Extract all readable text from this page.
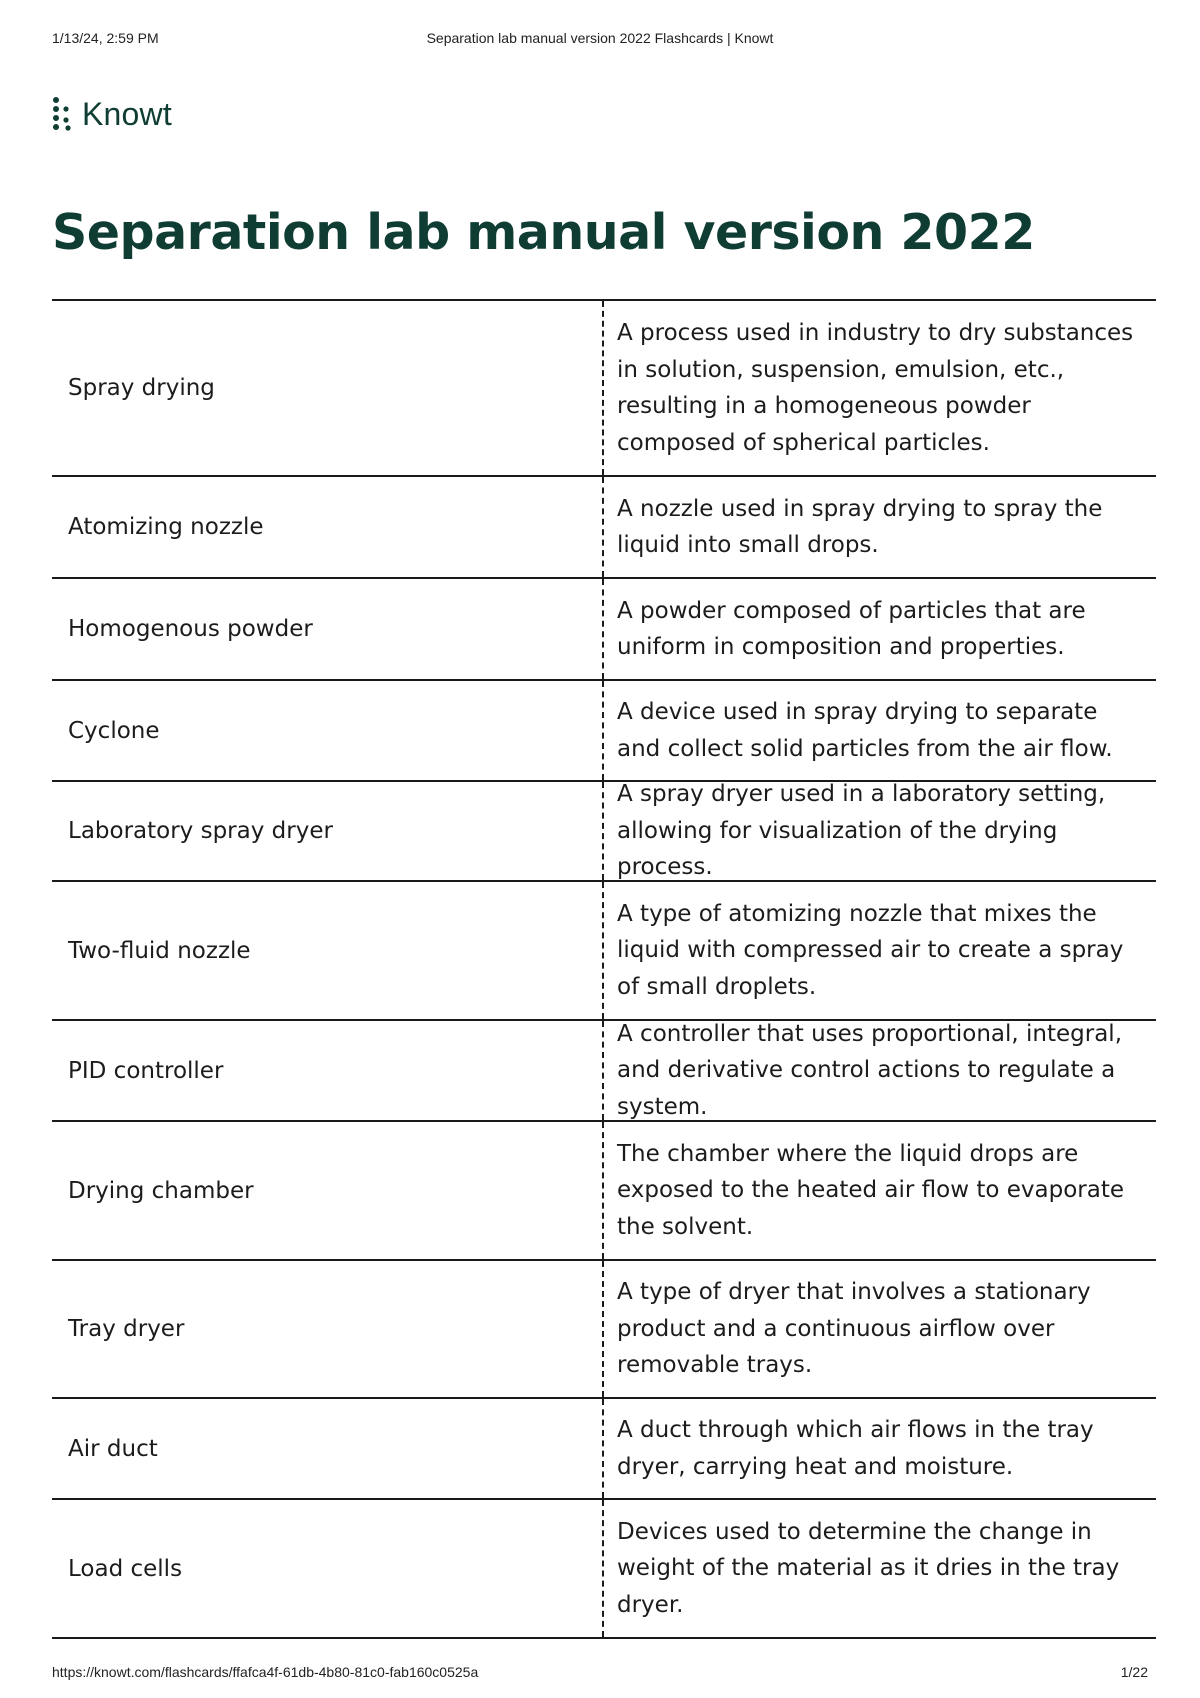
1/13/24, 2:59 PM	Separation lab manual version 2022 Flashcards | Knowt
Knowt
Separation lab manual version 2022
Spray drying
A process used in industry to dry substances in solution, suspension, emulsion, etc., resulting in a homogeneous powder composed of spherical particles.
Atomizing nozzle
A nozzle used in spray drying to spray the liquid into small drops.
Homogenous powder
A powder composed of particles that are uniform in composition and properties.
Cyclone
A device used in spray drying to separate and collect solid particles from the air flow.
Laboratory spray dryer
A spray dryer used in a laboratory setting, allowing for visualization of the drying process.
Two-fluid nozzle
A type of atomizing nozzle that mixes the liquid with compressed air to create a spray of small droplets.
PID controller
A controller that uses proportional, integral, and derivative control actions to regulate a system.
Drying chamber
The chamber where the liquid drops are exposed to the heated air flow to evaporate the solvent.
Tray dryer
A type of dryer that involves a stationary product and a continuous airflow over removable trays.
Air duct
A duct through which air flows in the tray dryer, carrying heat and moisture.
Load cells
Devices used to determine the change in weight of the material as it dries in the tray dryer.
https://knowt.com/flashcards/ffafca4f-61db-4b80-81c0-fab160c0525a	1/22
